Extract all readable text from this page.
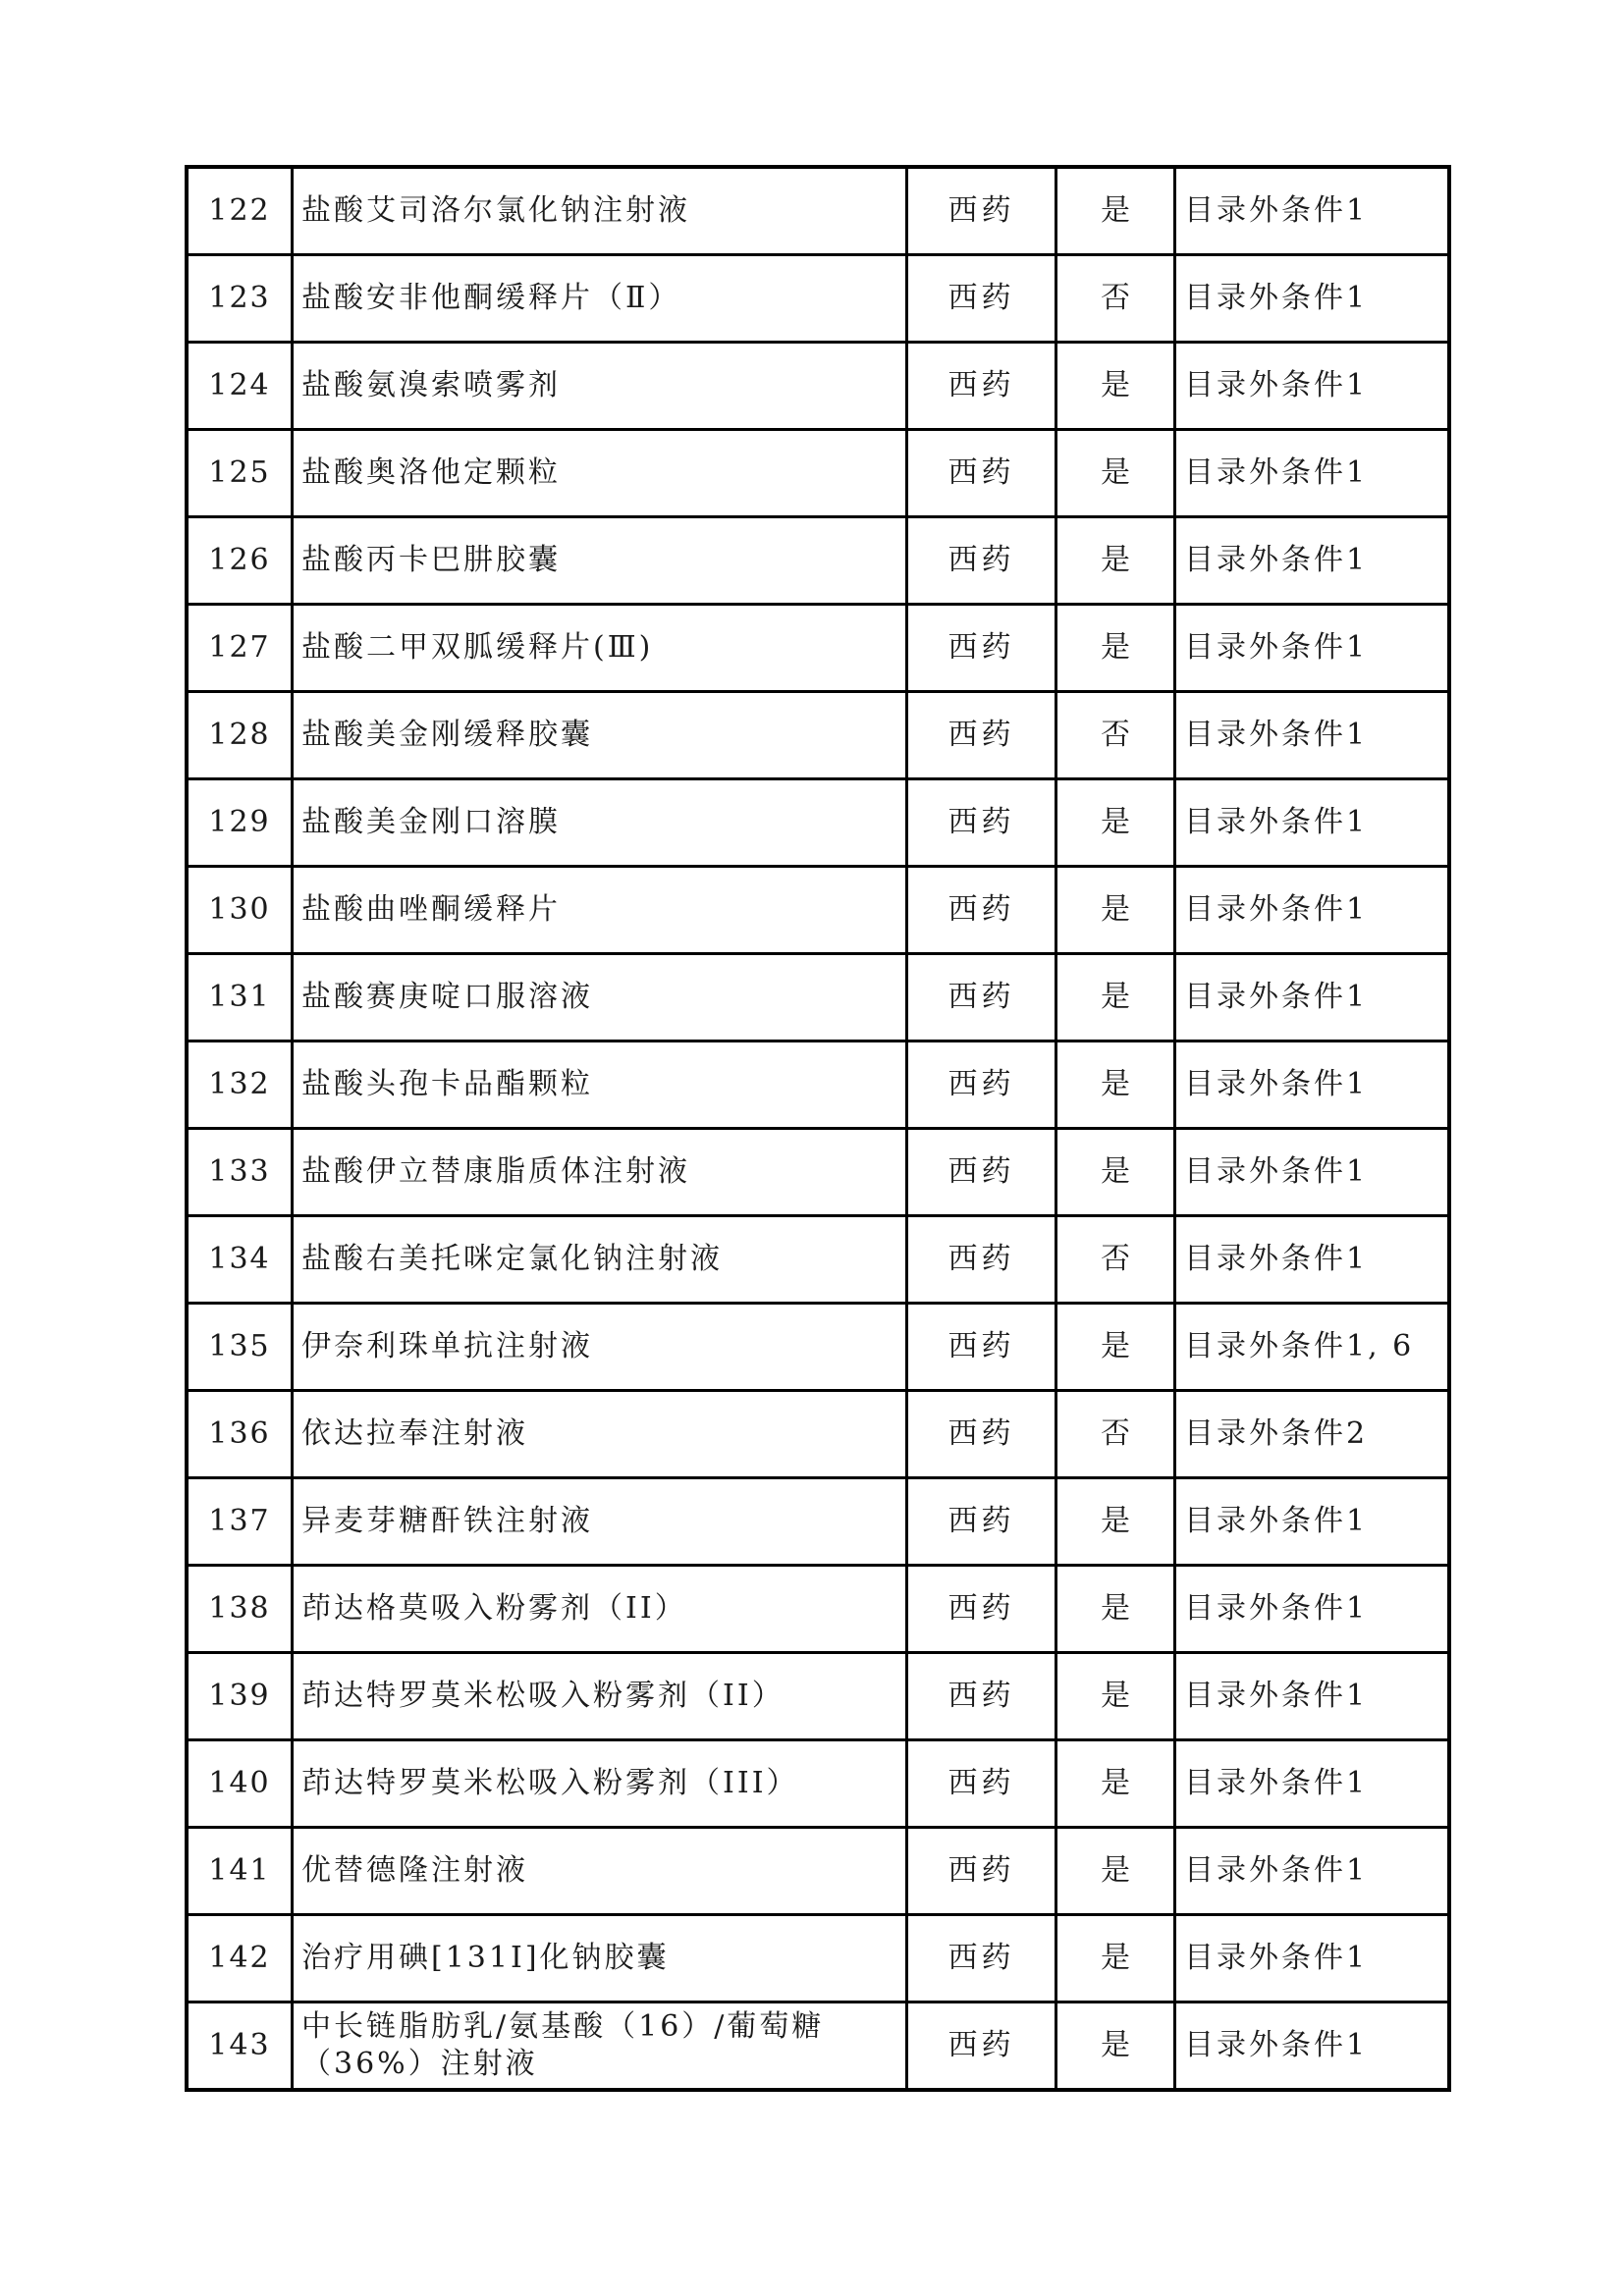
122	盐酸艾司洛尔氯化钠注射液	西药	是	目录外条件1
123	盐酸安非他酮缓释片（Ⅱ）	西药	否	目录外条件1
124	盐酸氨溴索喷雾剂	西药	是	目录外条件1
125	盐酸奥洛他定颗粒	西药	是	目录外条件1
126	盐酸丙卡巴肼胶囊	西药	是	目录外条件1
127	盐酸二甲双胍缓释片(Ⅲ)	西药	是	目录外条件1
128	盐酸美金刚缓释胶囊	西药	否	目录外条件1
129	盐酸美金刚口溶膜	西药	是	目录外条件1
130	盐酸曲唑酮缓释片	西药	是	目录外条件1
131	盐酸赛庚啶口服溶液	西药	是	目录外条件1
132	盐酸头孢卡品酯颗粒	西药	是	目录外条件1
133	盐酸伊立替康脂质体注射液	西药	是	目录外条件1
134	盐酸右美托咪定氯化钠注射液	西药	否	目录外条件1
135	伊奈利珠单抗注射液	西药	是	目录外条件1, 6
136	依达拉奉注射液	西药	否	目录外条件2
137	异麦芽糖酐铁注射液	西药	是	目录外条件1
138	茚达格莫吸入粉雾剂（II）	西药	是	目录外条件1
139	茚达特罗莫米松吸入粉雾剂（II）	西药	是	目录外条件1
140	茚达特罗莫米松吸入粉雾剂（III）	西药	是	目录外条件1
141	优替德隆注射液	西药	是	目录外条件1
142	治疗用碘[131I]化钠胶囊	西药	是	目录外条件1
143	中长链脂肪乳/氨基酸（16）/葡萄糖（36%）注射液	西药	是	目录外条件1
